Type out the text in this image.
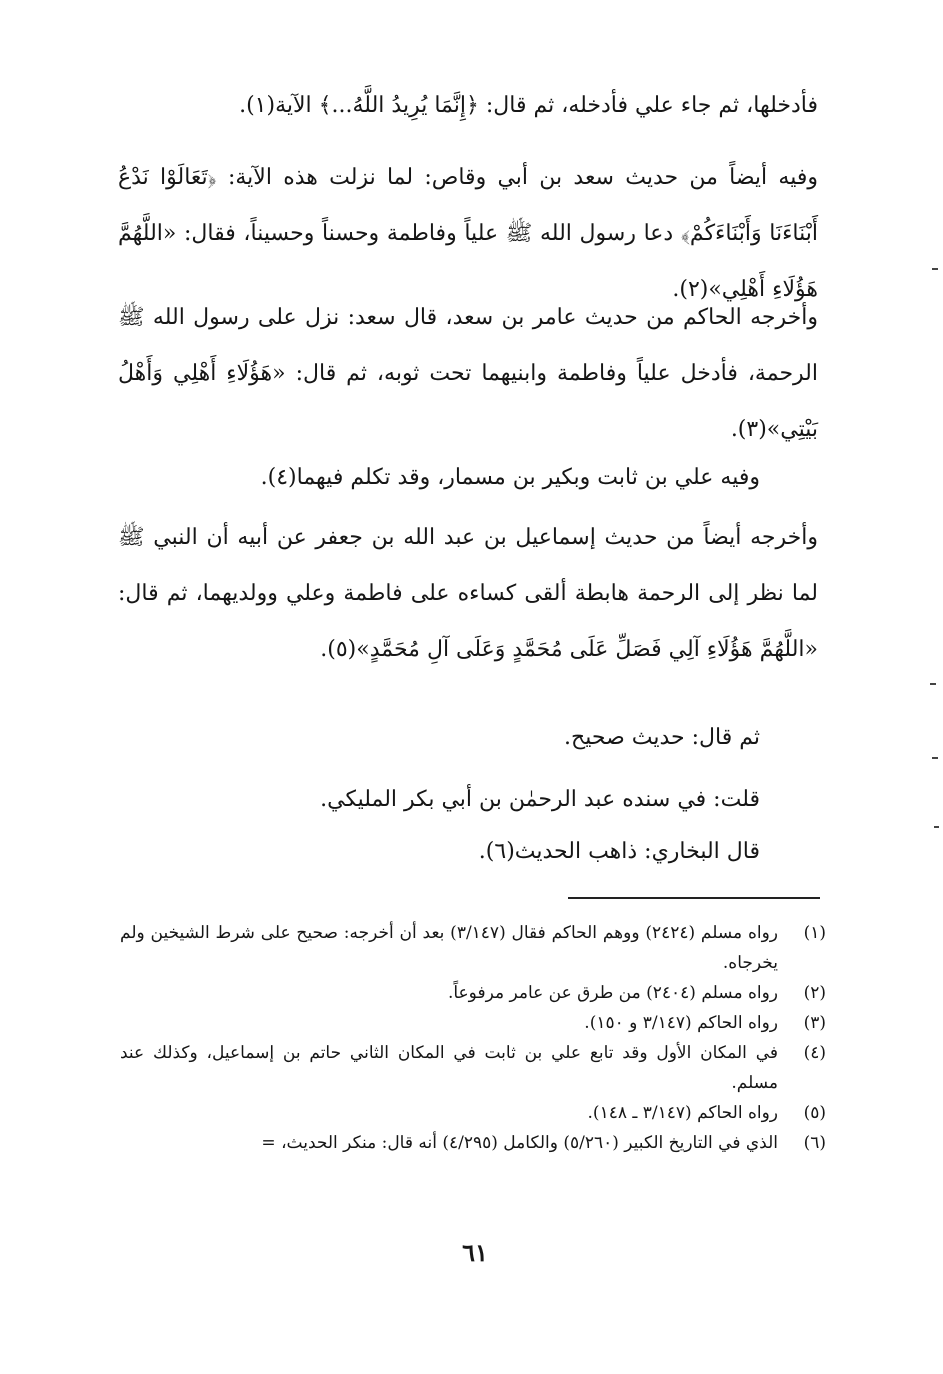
فأدخلها، ثم جاء علي فأدخله، ثم قال: ﴿إِنَّمَا يُرِيدُ اللَّهُ...﴾ الآية(١).

وفيه أيضاً من حديث سعد بن أبي وقاص: لما نزلت هذه الآية: ﴿تَعَالَوْا نَدْعُ أَبْنَاءَنَا وَأَبْنَاءَكُمْ﴾ دعا رسول الله ﷺ علياً وفاطمة وحسناً وحسيناً، فقال: «اللَّهُمَّ هَؤُلَاءِ أَهْلِي»(٢).

وأخرجه الحاكم من حديث عامر بن سعد، قال سعد: نزل على رسول الله ﷺ الرحمة، فأدخل علياً وفاطمة وابنيهما تحت ثوبه، ثم قال: «هَؤُلَاءِ أَهْلِي وَأَهْلُ بَيْتِي»(٣).

وفيه علي بن ثابت وبكير بن مسمار، وقد تكلم فيهما(٤).

وأخرجه أيضاً من حديث إسماعيل بن عبد الله بن جعفر عن أبيه أن النبي ﷺ لما نظر إلى الرحمة هابطة ألقى كساءه على فاطمة وعلي وولديهما، ثم قال: «اللَّهُمَّ هَؤُلَاءِ آلِي فَصَلِّ عَلَى مُحَمَّدٍ وَعَلَى آلِ مُحَمَّدٍ»(٥).

ثم قال: حديث صحيح.

قلت: في سنده عبد الرحمٰن بن أبي بكر المليكي.

قال البخاري: ذاهب الحديث(٦).

(١)
رواه مسلم (٢٤٢٤) ووهم الحاكم فقال (٣/١٤٧) بعد أن أخرجه: صحيح على شرط الشيخين ولم يخرجاه.
(٢)
رواه مسلم (٢٤٠٤) من طرق عن عامر مرفوعاً.
(٣)
رواه الحاكم (٣/١٤٧ و ١٥٠).
(٤)
في المكان الأول وقد تابع علي بن ثابت في المكان الثاني حاتم بن إسماعيل، وكذلك عند مسلم.
(٥)
رواه الحاكم (٣/١٤٧ ـ ١٤٨).
(٦)
الذي في التاريخ الكبير (٥/٢٦٠) والكامل (٤/٢٩٥) أنه قال: منكر الحديث، =
٦١
